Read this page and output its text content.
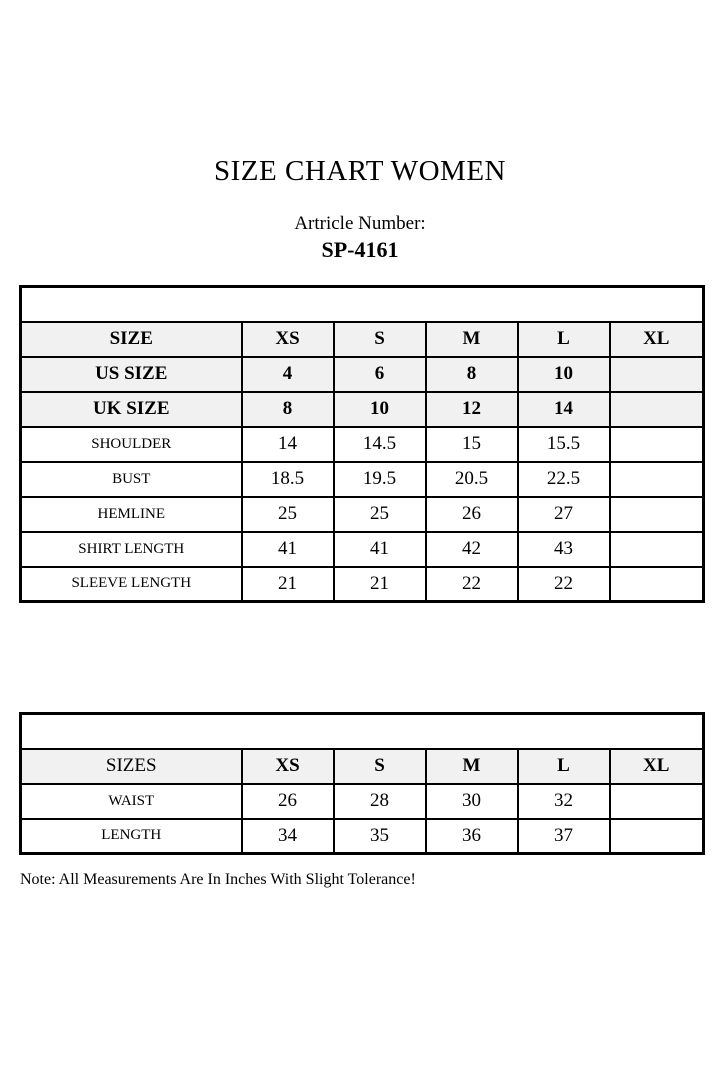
SIZE CHART WOMEN
Artricle Number:
SP-4161
SHIRT					
SIZE	XS	S	M	L	XL
US SIZE	4	6	8	10	
UK SIZE	8	10	12	14	
SHOULDER	14	14.5	15	15.5	
BUST	18.5	19.5	20.5	22.5	
HEMLINE	25	25	26	27	
SHIRT LENGTH	41	41	42	43	
SLEEVE LENGTH	21	21	22	22	
TROUSER					
SIZES	XS	S	M	L	XL
WAIST	26	28	30	32	
LENGTH	34	35	36	37	
Note: All Measurements Are In Inches With Slight Tolerance!
